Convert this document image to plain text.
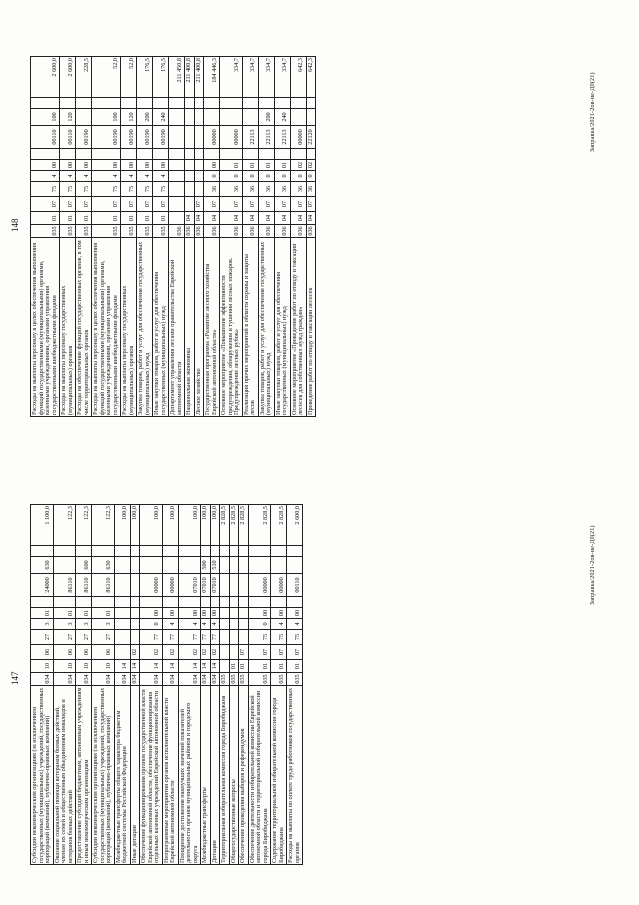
147
Субсидии некоммерческим организациям (за исключением государственных (муниципальных) учреждений, государственных корпораций (компаний), публично-правовых компаний)	034	10	06	27	3	01		24000	630		1 100,0
Оказание социальной помощи ветеранам боевых действий, членам их семей и общественным объединениям инвалидов и ветеранов боевых действий	034	10	06	27	3	01		86110			122,3
Предоставление субсидий бюджетным, автономным учреждениям и иным некоммерческим организациям	034	10	06	27	3	01		86110	600		122,3
Субсидии некоммерческим организациям (за исключением государственных (муниципальных) учреждений, государственных корпораций (компаний), публично-правовых компаний)	034	10	06	27	3	01		86110	630		122,3
Межбюджетные трансферты общего характера бюджетам бюджетной системы Российской Федерации	034	14									100,0
Иные дотации	034	14	02								100,0
Обеспечение функционирования органов государственной власти Еврейской автономной области, обеспечение функционирования отдельных казенных учреждений Еврейской автономной области	034	14	02	77	0	00		00000			100,0
Непрограммные мероприятия органов исполнительной власти Еврейской автономной области	034	14	02	77	4	00		00000			100,0
Поощрение достижения наилучших значений показателей деятельности органов муниципальных районов и городского округа	034	14	02	77	4	00		07010			100,0
Межбюджетные трансферты	034	14	02	77	4	00		07010	500		100,0
Дотации	034	14	02	77	4	00		07010	510		100,0
Территориальная избирательная комиссия города Биробиджана	035										2 828,5
Общегосударственные вопросы	035	01									2 828,5
Обеспечение проведения выборов и референдумов	035	01	07								2 828,5
Обеспечение деятельности избирательной комиссии Еврейской автономной области и территориальной избирательной комиссии города Биробиджана	035	01	07	75	0	00		00000			2 828,5
Содержание территориальной избирательной комиссии города Биробиджана	035	01	07	75	4	00		00000			2 828,5
Расходы на выплаты по оплате труда работников государственных органов	035	01	07	75	4	00		00110			2 600,0
Заправка/2021-2ов-не-Д0(21)
148
Расходы на выплаты персоналу в целях обеспечения выполнения функций государственными (муниципальными) органами, казенными учреждениями, органами управления государственными внебюджетными фондами	035	01	07	75	4	00		00110	100		2 600,0
Расходы на выплаты персоналу государственных (муниципальных) органов	035	01	07	75	4	00		00110	120		2 600,0
Расходы на обеспечение функций государственных органов, в том числе территориальных органов	035	01	07	75	4	00		00190			228,5
Расходы на выплаты персоналу в целях обеспечения выполнения функций государственными (муниципальными) органами, казенными учреждениями, органами управления государственными внебюджетными фондами	035	01	07	75	4	00		00190	100		52,0
Расходы на выплаты персоналу государственных (муниципальных) органов	035	01	07	75	4	00		00190	120		52,0
Закупка товаров, работ и услуг для обеспечения государственных (муниципальных) нужд	035	01	07	75	4	00		00190	200		176,5
Иные закупки товаров, работ и услуг для обеспечения государственных (муниципальных) нужд	035	01	07	75	4	00		00190	240		176,5
Департамент управления лесами правительства Еврейской автономной области	036										211 450,8
Национальная экономика	036	04									211 400,8
Лесное хозяйство	036	04	07								211 400,8
Государственная программа «Развитие лесного хозяйства Еврейской автономной области»	036	04	07	36	0	00		00000			184 446,3
Основное мероприятие «Повышение эффективности предупреждения, обнаружения и тушения лесных пожаров. Предупреждение лесных рубок»	036	04	07	36	0	01		00000			334,7
Реализация прочих мероприятий в области охраны и защиты лесов	036	04	07	36	0	01		22113			334,7
Закупка товаров, работ и услуг для обеспечения государственных (муниципальных) нужд	036	04	07	36	0	01		22113	200		334,7
Иные закупки товаров, работ и услуг для обеспечения государственных (муниципальных) нужд	036	04	07	36	0	01		22113	240		334,7
Основное мероприятие «Проведение работ по отводу и таксации лесосек для собственных нужд граждан»	036	04	07	36	0	02		00000			642,3
Проведение работ по отводу и таксации лесосек	036	04	07	36	0	02		22120			642,3
Заправка/2021-2ов-не-Д0(21)
